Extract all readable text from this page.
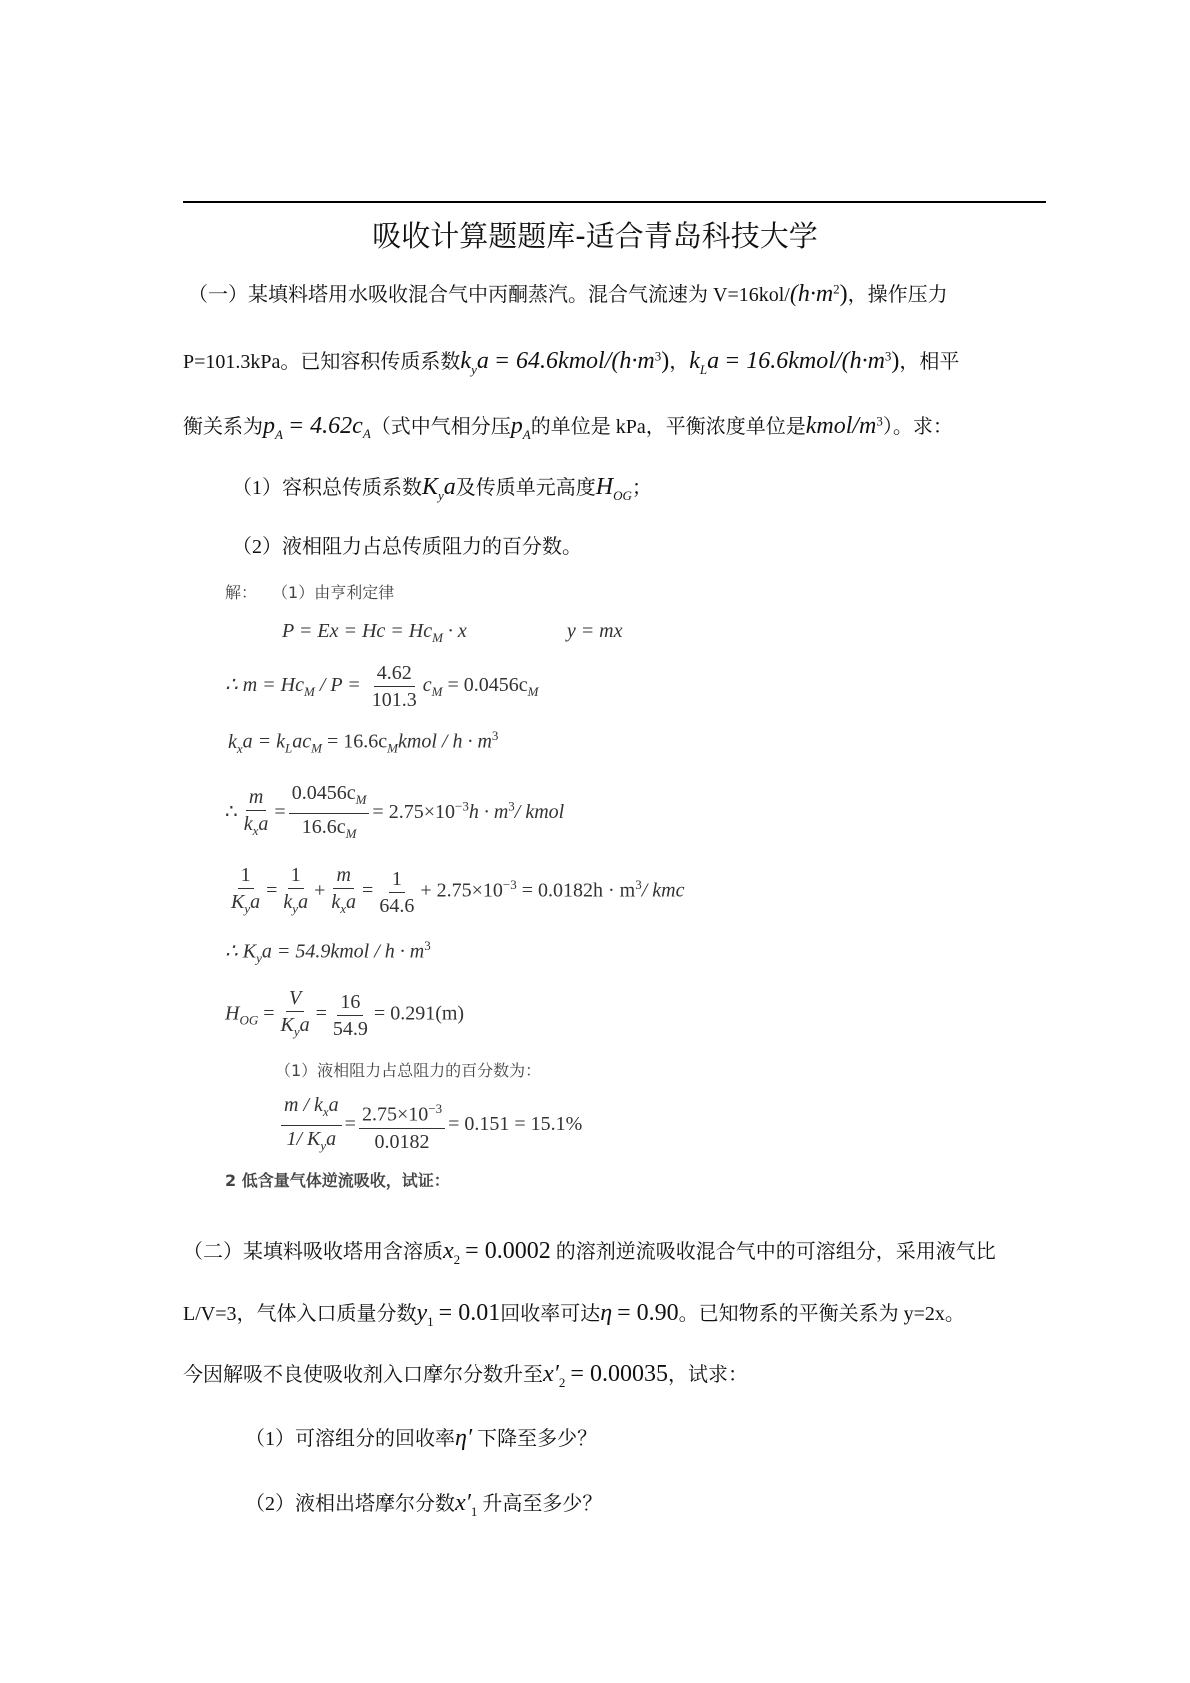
吸收计算题题库-适合青岛科技大学
（一）某填料塔用水吸收混合气中丙酮蒸汽。混合气流速为 $V=16kol/(h\cdot m^2)$，操作压力
P=101.3kPa。已知容积传质系数$k_ya$ = $64.6kmol/(h\cdot m^3)$，$k_La$ = $16.6kmol/(h\cdot m^3)$，相平
衡关系为$p_A = 4.62c_A$（式中气相分压$p_A$的单位是 kPa，平衡浓度单位是kmol/$m^3$）。求：
（1）容积总传质系数$K_ya$及传质单元高度$H_{OG}$；
（2）液相阻力占总传质阻力的百分数。
解： （1）由亨利定律
$P = Ex = Hc = Hc_M \cdot x$	y = mx
∴ $m = Hc_M / P = \frac{4.62}{101.3} c_M = 0.0456c_M$
$k_xa = k_Lac_M$ = $16.6c_Mkmol / h \cdot m^3$
∴ $\frac{m}{k_xa} = \frac{0.0456c_M}{16.6c_M} = 2.75\times 10^{-3}h \cdot m^3/$ kmol
$\frac{1}{K_ya} = \frac{1}{k_ya} + \frac{m}{k_xa} = \frac{1}{64.6} + 2.75\times 10^{-3} = 0.0182h \cdot m^3/$ kmc
∴ $K_ya$ = 54.9kmol / $h \cdot m^3$
$H_{OG} = \frac{V}{K_ya} = \frac{16}{54.9} = 0.291(m)$
（1）液相阻力占总阻力的百分数为：
$\frac{m / k_xa}{1/ K_ya} = \frac{2.75\times 10^{-3}}{0.0182} = 0.151 = 15.1\%$
2 低含量气体逆流吸收，试证：
（二）某填料吸收塔用含溶质$x_2 = 0.0002$ 的溶剂逆流吸收混合气中的可溶组分，采用液气比
L/V=3，气体入口质量分数$y_1 = 0.01$回收率可达η = 0.90。已知物系的平衡关系为 y=2x。
今因解吸不良使吸收剂入口摩尔分数升至$x'_2 = 0.00035$，试求：
（1）可溶组分的回收率η′ 下降至多少？
（2）液相出塔摩尔分数$x'_1$ 升高至多少？
